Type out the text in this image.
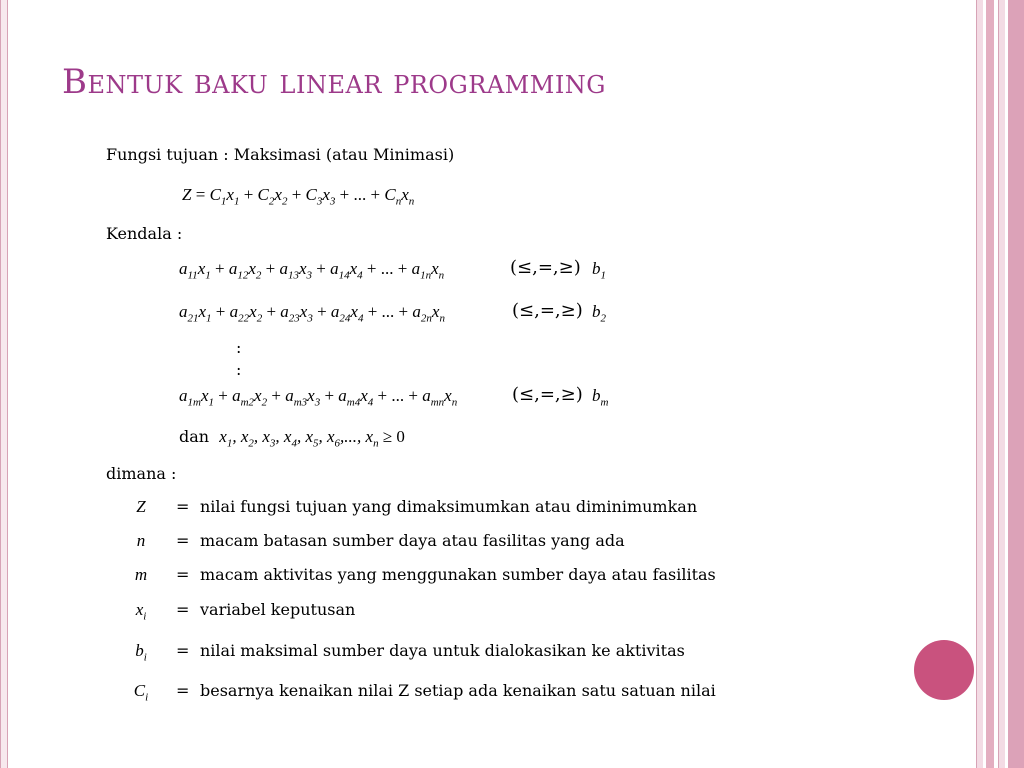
Bentuk baku linear programming
Fungsi tujuan : Maksimasi (atau Minimasi)
$Z = C_1x_1 + C_2x_2 + C_3x_3$ + ... + $C_nx_n$
Kendala :
$a_{11}x_1 + a_{12}x_2 + a_{13}x_3 + a_{14}x_4$ + ... + $a_{1n}x_n$	(≤,=,≥) $b_1$
$a_{21}x_1 + a_{22}x_2 + a_{23}x_3 + a_{24}x_4$ + ... + $a_{2n}x_n$	(≤,=,≥) $b_2$
:
:
$a_{1m}x_1 + a_{m2}x_2 + a_{m3}x_3 + a_{m4}x_4$ + ... + $a_{mn}x_n$	(≤,=,≥) $b_m$
dan  $x_1$, $x_2$, $x_3$, $x_4$, $x_5$, $x_6$,..., $x_n \ge 0$
dimana :
Z	= nilai fungsi tujuan yang dimaksimumkan atau diminimumkan
n	= macam batasan sumber daya atau fasilitas yang ada
m	= macam aktivitas yang menggunakan sumber daya atau fasilitas
$x_i$	= variabel keputusan
$b_i$	= nilai maksimal sumber daya untuk dialokasikan ke aktivitas
$C_i$	= besarnya kenaikan nilai Z setiap ada kenaikan satu satuan nilai
